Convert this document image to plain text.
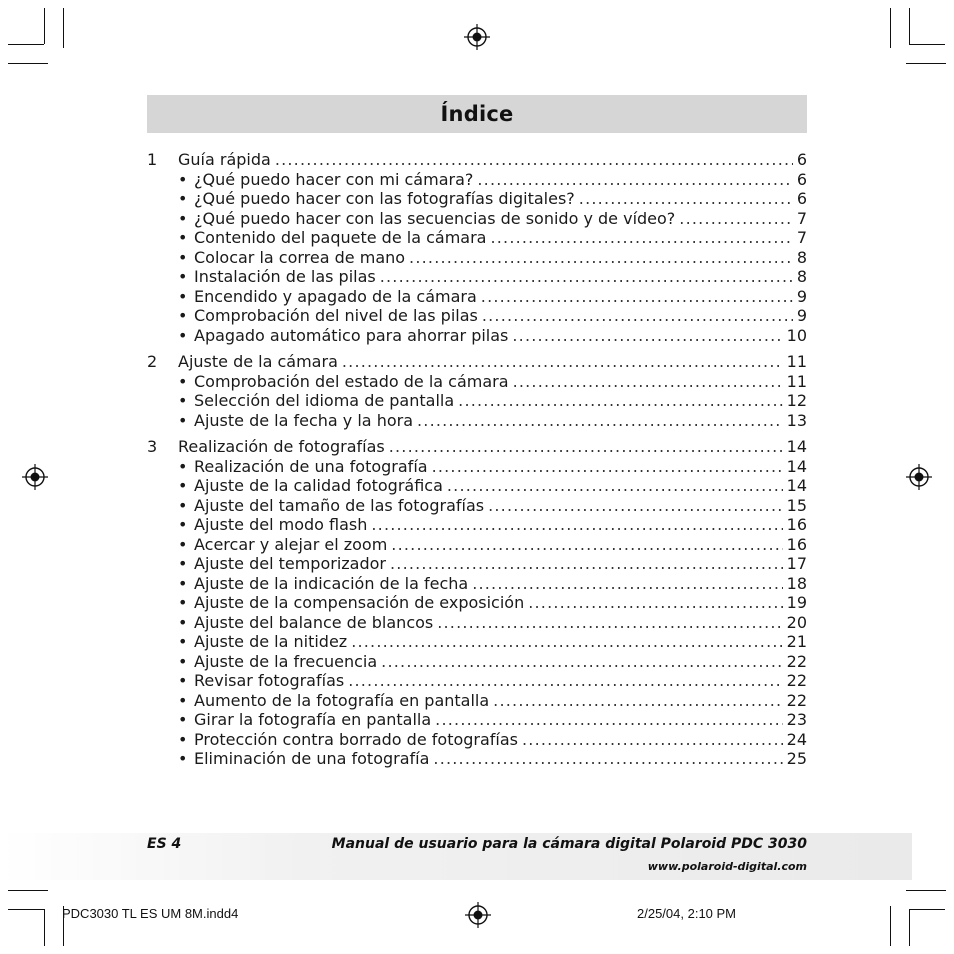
Índice
1	Guía rápida .....	6
• ¿Qué puedo hacer con mi cámara? .....	6
• ¿Qué puedo hacer con las fotografías digitales? .....	6
• ¿Qué puedo hacer con las secuencias de sonido y de vídeo? .....	7
• Contenido del paquete de la cámara .....	7
• Colocar la correa de mano .....	8
• Instalación de las pilas .....	8
• Encendido y apagado de la cámara .....	9
• Comprobación del nivel de las pilas .....	9
• Apagado automático para ahorrar pilas .....	10
2	Ajuste de la cámara .....	11
• Comprobación del estado de la cámara .....	11
• Selección del idioma de pantalla .....	12
• Ajuste de la fecha y la hora .....	13
3	Realización de fotografías .....	14
• Realización de una fotografía .....	14
• Ajuste de la calidad fotográfica .....	14
• Ajuste del tamaño de las fotografías .....	15
• Ajuste del modo flash .....	16
• Acercar y alejar el zoom .....	16
• Ajuste del temporizador .....	17
• Ajuste de la indicación de la fecha .....	18
• Ajuste de la compensación de exposición .....	19
• Ajuste del balance de blancos .....	20
• Ajuste de la nitidez .....	21
• Ajuste de la frecuencia .....	22
• Revisar fotografías .....	22
• Aumento de la fotografía en pantalla .....	22
• Girar la fotografía en pantalla .....	23
• Protección contra borrado de fotografías .....	24
• Eliminación de una fotografía .....	25
ES 4	Manual de usuario para la cámara digital Polaroid PDC 3030
www.polaroid-digital.com
PDC3030 TL ES UM 8M.indd4	2/25/04, 2:10 PM
